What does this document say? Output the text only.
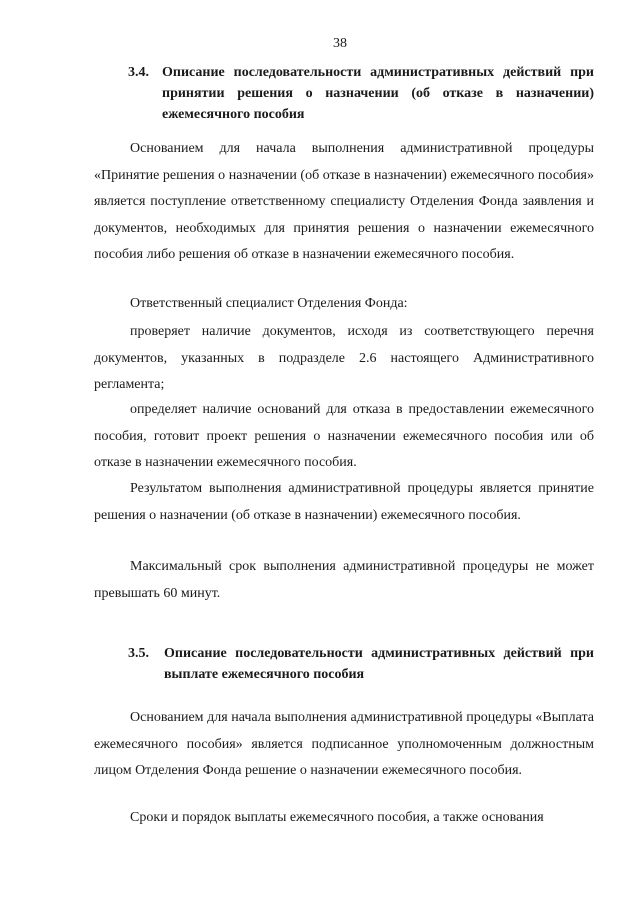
38
3.4. Описание последовательности административных действий при принятии решения о назначении (об отказе в назначении) ежемесячного пособия

Основанием для начала выполнения административной процедуры «Принятие решения о назначении (об отказе в назначении) ежемесячного пособия» является поступление ответственному специалисту Отделения Фонда заявления и документов, необходимых для принятия решения о назначении ежемесячного пособия либо решения об отказе в назначении ежемесячного пособия.

Ответственный специалист Отделения Фонда:

проверяет наличие документов, исходя из соответствующего перечня документов, указанных в подразделе 2.6 настоящего Административного регламента;

определяет наличие оснований для отказа в предоставлении ежемесячного пособия, готовит проект решения о назначении ежемесячного пособия или об отказе в назначении ежемесячного пособия.

Результатом выполнения административной процедуры является принятие решения о назначении (об отказе в назначении) ежемесячного пособия.

Максимальный срок выполнения административной процедуры не может превышать 60 минут.

3.5. Описание последовательности административных действий при выплате ежемесячного пособия

Основанием для начала выполнения административной процедуры «Выплата ежемесячного пособия» является подписанное уполномоченным должностным лицом Отделения Фонда решение о назначении ежемесячного пособия.

Сроки и порядок выплаты ежемесячного пособия, а также основания
